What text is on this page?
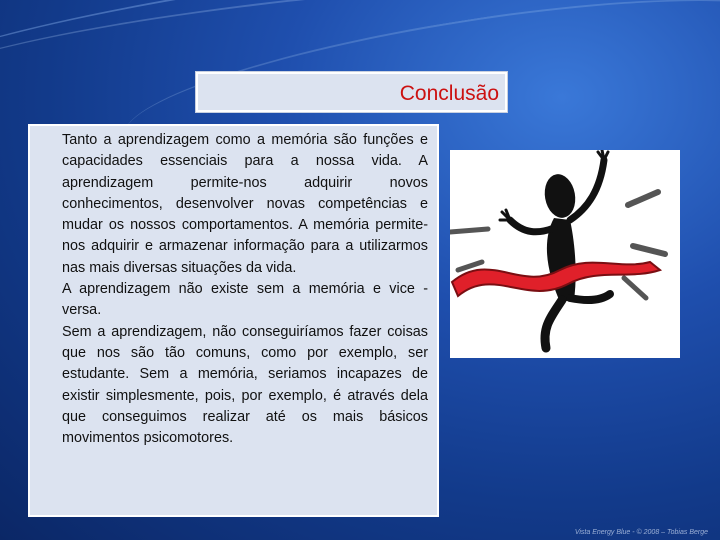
Conclusão

Tanto a aprendizagem como a memória são funções e capacidades essenciais para a nossa vida. A aprendizagem permite-nos adquirir novos conhecimentos, desenvolver novas competências e mudar os nossos comportamentos. A memória permite-nos adquirir e armazenar informação para a utilizarmos nas mais diversas situações da vida.

A aprendizagem não existe sem a memória e vice -versa.

Sem a aprendizagem, não conseguiríamos fazer coisas que nos são tão comuns, como por exemplo, ser estudante. Sem a memória, seriamos incapazes de existir simplesmente, pois, por exemplo, é através dela que conseguimos realizar até os mais básicos movimentos psicomotores.

Vista Energy Blue - © 2008 – Tobias Berge
